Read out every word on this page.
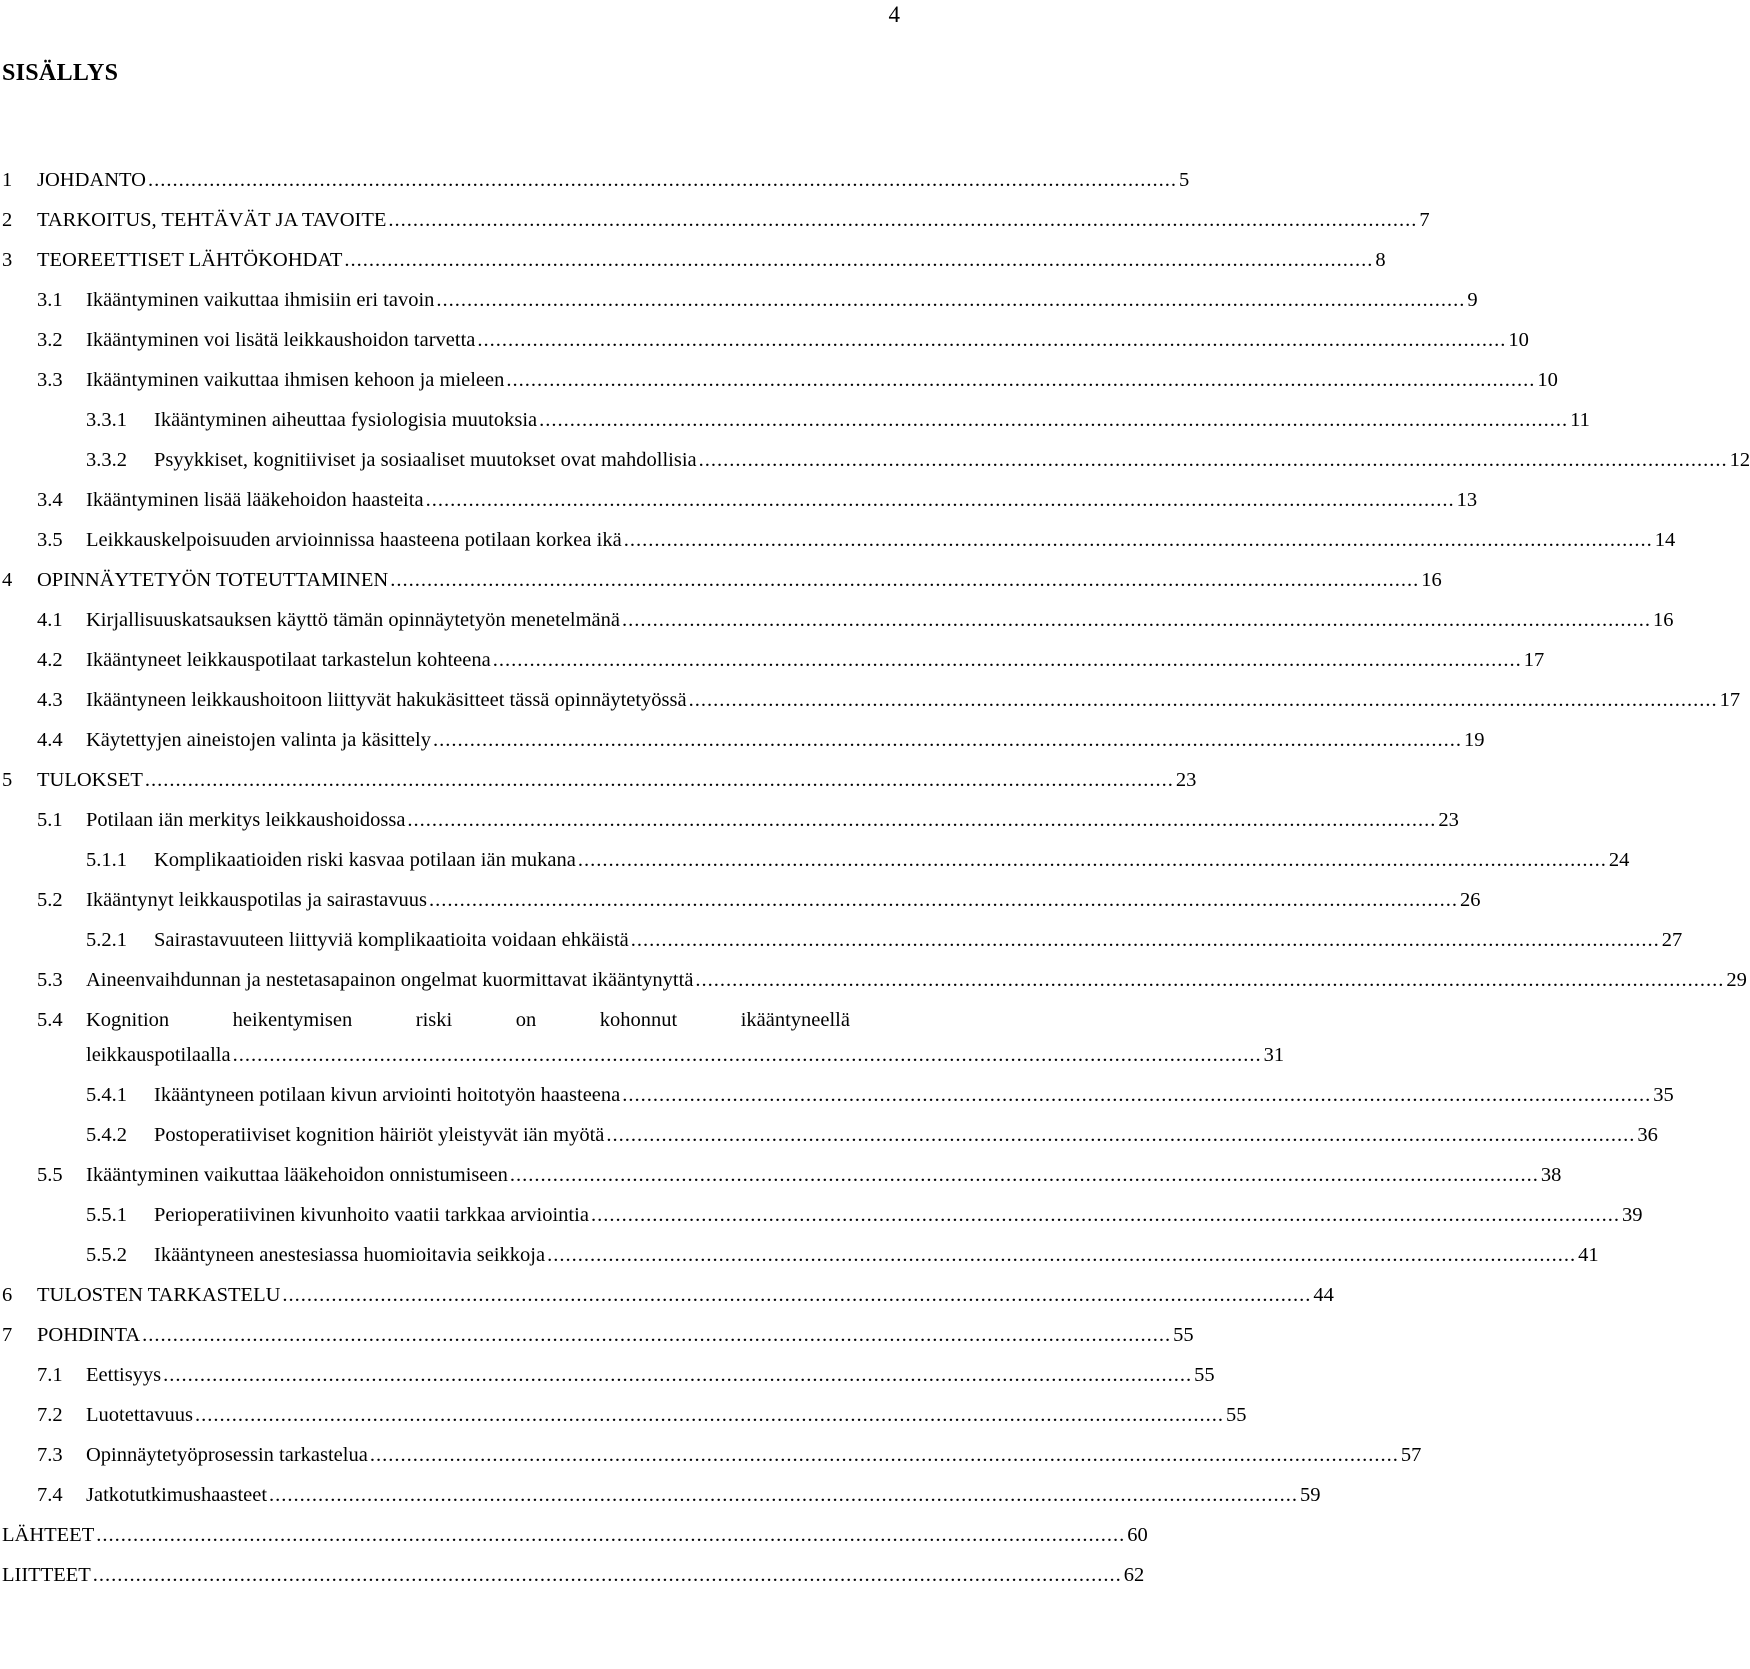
4
SISÄLLYS
1 JOHDANTO ........................................................................................................................................................................ 5
2 TARKOITUS, TEHTÄVÄT JA TAVOITE ........................................................................................................................................................................ 7
3 TEOREETTISET LÄHTÖKOHDAT ........................................................................................................................................................................ 8
3.1 Ikääntyminen vaikuttaa ihmisiin eri tavoin ........................................................................................................................................................................ 9
3.2 Ikääntyminen voi lisätä leikkaushoidon tarvetta ........................................................................................................................................................................ 10
3.3 Ikääntyminen vaikuttaa ihmisen kehoon ja mieleen ........................................................................................................................................................................ 10
3.3.1 Ikääntyminen aiheuttaa fysiologisia muutoksia ........................................................................................................................................................................ 11
3.3.2 Psyykkiset, kognitiiviset ja sosiaaliset muutokset ovat mahdollisia ........................................................................................................................................................................ 12
3.4 Ikääntyminen lisää lääkehoidon haasteita ........................................................................................................................................................................ 13
3.5 Leikkauskelpoisuuden arvioinnissa haasteena potilaan korkea ikä ........................................................................................................................................................................ 14
4 OPINNÄYTETYÖN TOTEUTTAMINEN ........................................................................................................................................................................ 16
4.1 Kirjallisuuskatsauksen käyttö tämän opinnäytetyön menetelmänä ........................................................................................................................................................................ 16
4.2 Ikääntyneet leikkauspotilaat tarkastelun kohteena ........................................................................................................................................................................ 17
4.3 Ikääntyneen leikkaushoitoon liittyvät hakukäsitteet tässä opinnäytetyössä ........................................................................................................................................................................ 17
4.4 Käytettyjen aineistojen valinta ja käsittely ........................................................................................................................................................................ 19
5 TULOKSET ........................................................................................................................................................................ 23
5.1 Potilaan iän merkitys leikkaushoidossa ........................................................................................................................................................................ 23
5.1.1 Komplikaatioiden riski kasvaa potilaan iän mukana ........................................................................................................................................................................ 24
5.2 Ikääntynyt leikkauspotilas ja sairastavuus ........................................................................................................................................................................ 26
5.2.1 Sairastavuuteen liittyviä komplikaatioita voidaan ehkäistä ........................................................................................................................................................................ 27
5.3 Aineenvaihdunnan ja nestetasapainon ongelmat kuormittavat ikääntynyttä ........................................................................................................................................................................ 29
5.4 Kognition	heikentymisen	riski	on	kohonnut	ikääntyneellä
leikkauspotilaalla ........................................................................................................................................................................ 31
5.4.1 Ikääntyneen potilaan kivun arviointi hoitotyön haasteena ........................................................................................................................................................................ 35
5.4.2 Postoperatiiviset kognition häiriöt yleistyvät iän myötä ........................................................................................................................................................................ 36
5.5 Ikääntyminen vaikuttaa lääkehoidon onnistumiseen ........................................................................................................................................................................ 38
5.5.1 Perioperatiivinen kivunhoito vaatii tarkkaa arviointia ........................................................................................................................................................................ 39
5.5.2 Ikääntyneen anestesiassa huomioitavia seikkoja ........................................................................................................................................................................ 41
6 TULOSTEN TARKASTELU ........................................................................................................................................................................ 44
7 POHDINTA ........................................................................................................................................................................ 55
7.1 Eettisyys ........................................................................................................................................................................ 55
7.2 Luotettavuus ........................................................................................................................................................................ 55
7.3 Opinnäytetyöprosessin tarkastelua ........................................................................................................................................................................ 57
7.4 Jatkotutkimushaasteet ........................................................................................................................................................................ 59
LÄHTEET ........................................................................................................................................................................ 60
LIITTEET ........................................................................................................................................................................ 62
